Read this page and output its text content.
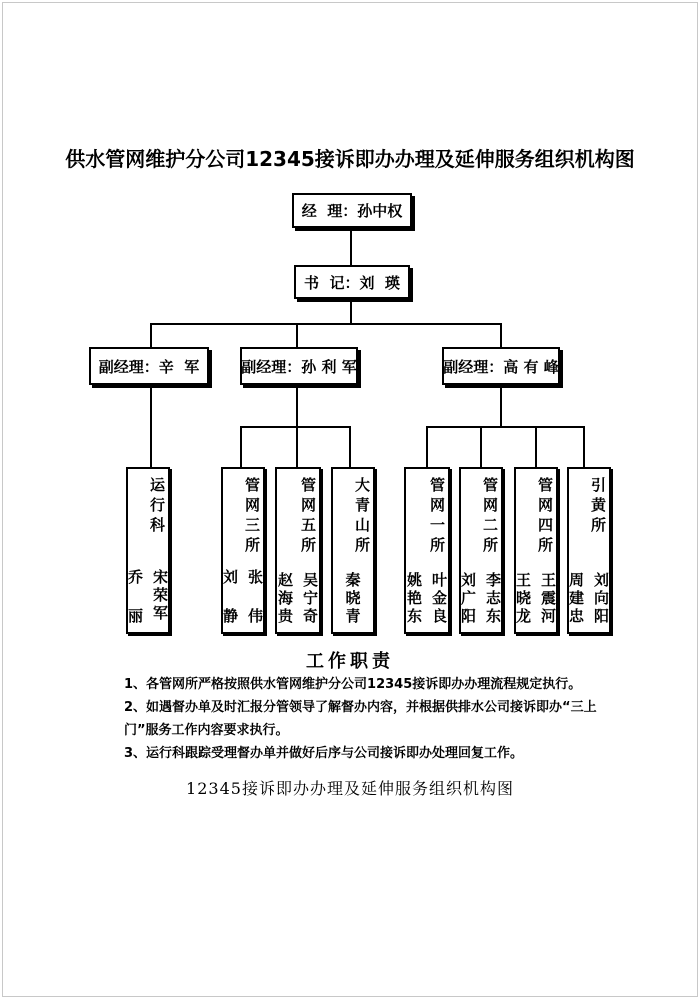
供水管网维护分公司12345接诉即办办理及延伸服务组织机构图
经  理：孙中权
书  记：刘  瑛
副经理：辛  军	副经理：孙 利 军	副经理：高 有 峰
运行科
宋荣军
乔 丽
管网三所
张 伟
刘 静
管网五所
吴宁奇
赵海贵
大青山所
秦晓青
管网一所
叶金良
姚艳东
管网二所
李志东
刘广阳
管网四所
王震河
王晓龙
引黄所
刘向阳
周建忠
工作职责
1、各管网所严格按照供水管网维护分公司12345接诉即办办理流程规定执行。
2、如遇督办单及时汇报分管领导了解督办内容，并根据供排水公司接诉即办“三上门”服务工作内容要求执行。
3、运行科跟踪受理督办单并做好后序与公司接诉即办处理回复工作。
12345接诉即办办理及延伸服务组织机构图
